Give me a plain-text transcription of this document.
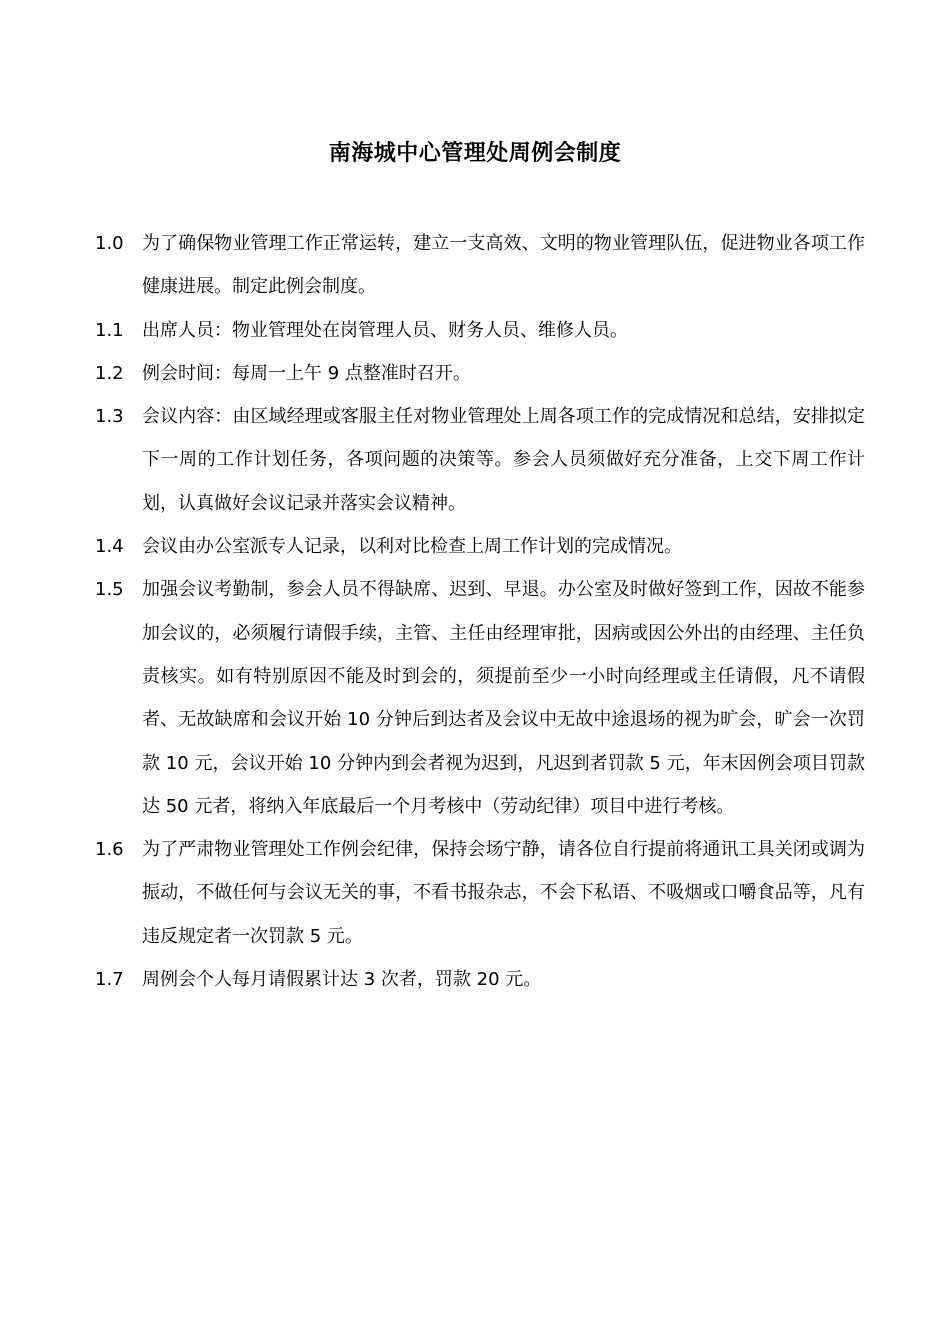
南海城中心管理处周例会制度
1.0	为了确保物业管理工作正常运转，建立一支高效、文明的物业管理队伍，促进物业各项工作健康进展。制定此例会制度。
1.1	出席人员：物业管理处在岗管理人员、财务人员、维修人员。
1.2	例会时间：每周一上午 9 点整准时召开。
1.3	会议内容：由区域经理或客服主任对物业管理处上周各项工作的完成情况和总结，安排拟定下一周的工作计划任务，各项问题的决策等。参会人员须做好充分准备，上交下周工作计划，认真做好会议记录并落实会议精神。
1.4	会议由办公室派专人记录，以利对比检查上周工作计划的完成情况。
1.5	加强会议考勤制，参会人员不得缺席、迟到、早退。办公室及时做好签到工作，因故不能参加会议的，必须履行请假手续，主管、主任由经理审批，因病或因公外出的由经理、主任负责核实。如有特别原因不能及时到会的，须提前至少一小时向经理或主任请假，凡不请假者、无故缺席和会议开始 10 分钟后到达者及会议中无故中途退场的视为旷会，旷会一次罚款 10 元，会议开始 10 分钟内到会者视为迟到，凡迟到者罚款 5 元，年末因例会项目罚款达 50 元者，将纳入年底最后一个月考核中（劳动纪律）项目中进行考核。
1.6	为了严肃物业管理处工作例会纪律，保持会场宁静，请各位自行提前将通讯工具关闭或调为振动，不做任何与会议无关的事，不看书报杂志，不会下私语、不吸烟或口嚼食品等，凡有违反规定者一次罚款 5 元。
1.7	周例会个人每月请假累计达 3 次者，罚款 20 元。
